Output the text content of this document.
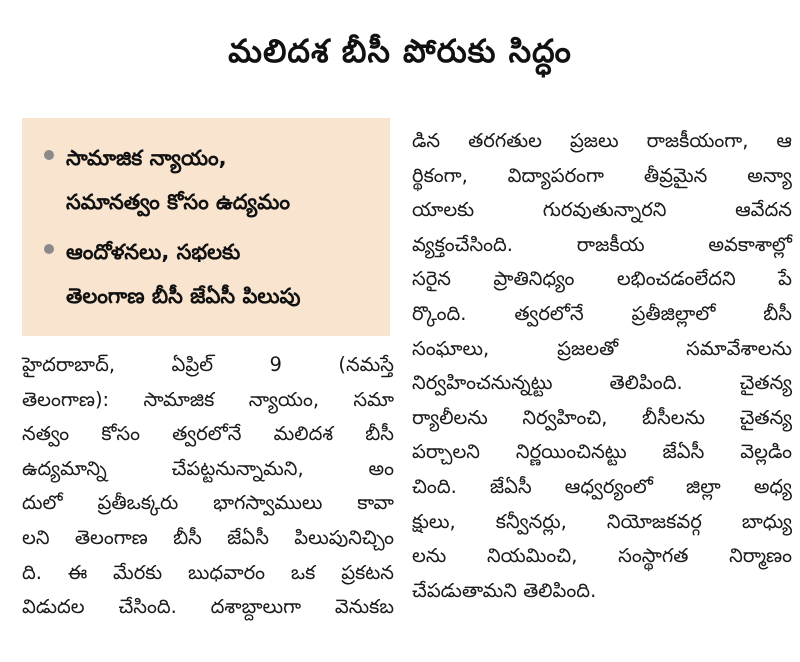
మలిదశ బీసీ పోరుకు సిద్ధం
సామాజిక న్యాయం,
సమానత్వం కోసం ఉద్యమం
ఆందోళనలు, సభలకు
తెలంగాణ బీసీ జేఏసీ పిలుపు
హైదరాబాద్, ఏప్రిల్ 9 (నమస్తే
తెలంగాణ): సామాజిక న్యాయం, సమా
నత్వం కోసం త్వరలోనే మలిదశ బీసీ
ఉద్యమాన్ని చేపట్టనున్నామని, అం
దులో ప్రతీఒక్కరు భాగస్వాములు కావా
లని తెలంగాణ బీసీ జేఏసీ పిలుపునిచ్చిం
ది. ఈ మేరకు బుధవారం ఒక ప్రకటన
విడుదల చేసింది. దశాబ్దాలుగా వెనుకబ
డిన తరగతుల ప్రజలు రాజకీయంగా, ఆ
ర్థికంగా, విద్యాపరంగా తీవ్రమైన అన్యా
యాలకు గురవుతున్నారని ఆవేదన
వ్యక్తంచేసింది. రాజకీయ అవకాశాల్లో
సరైన ప్రాతినిధ్యం లభించడంలేదని పే
ర్కొంది. త్వరలోనే ప్రతీజిల్లాలో బీసీ
సంఘాలు, ప్రజలతో సమావేశాలను
నిర్వహించనున్నట్టు తెలిపింది. చైతన్య
ర్యాలీలను నిర్వహించి, బీసీలను చైతన్య
పర్చాలని నిర్ణయించినట్టు జేఏసీ వెల్లడిం
చింది. జేఏసీ ఆధ్వర్యంలో జిల్లా అధ్య
క్షులు, కన్వీనర్లు, నియోజకవర్గ బాధ్యు
లను నియమించి, సంస్థాగత నిర్మాణం
చేపడుతామని తెలిపింది.
